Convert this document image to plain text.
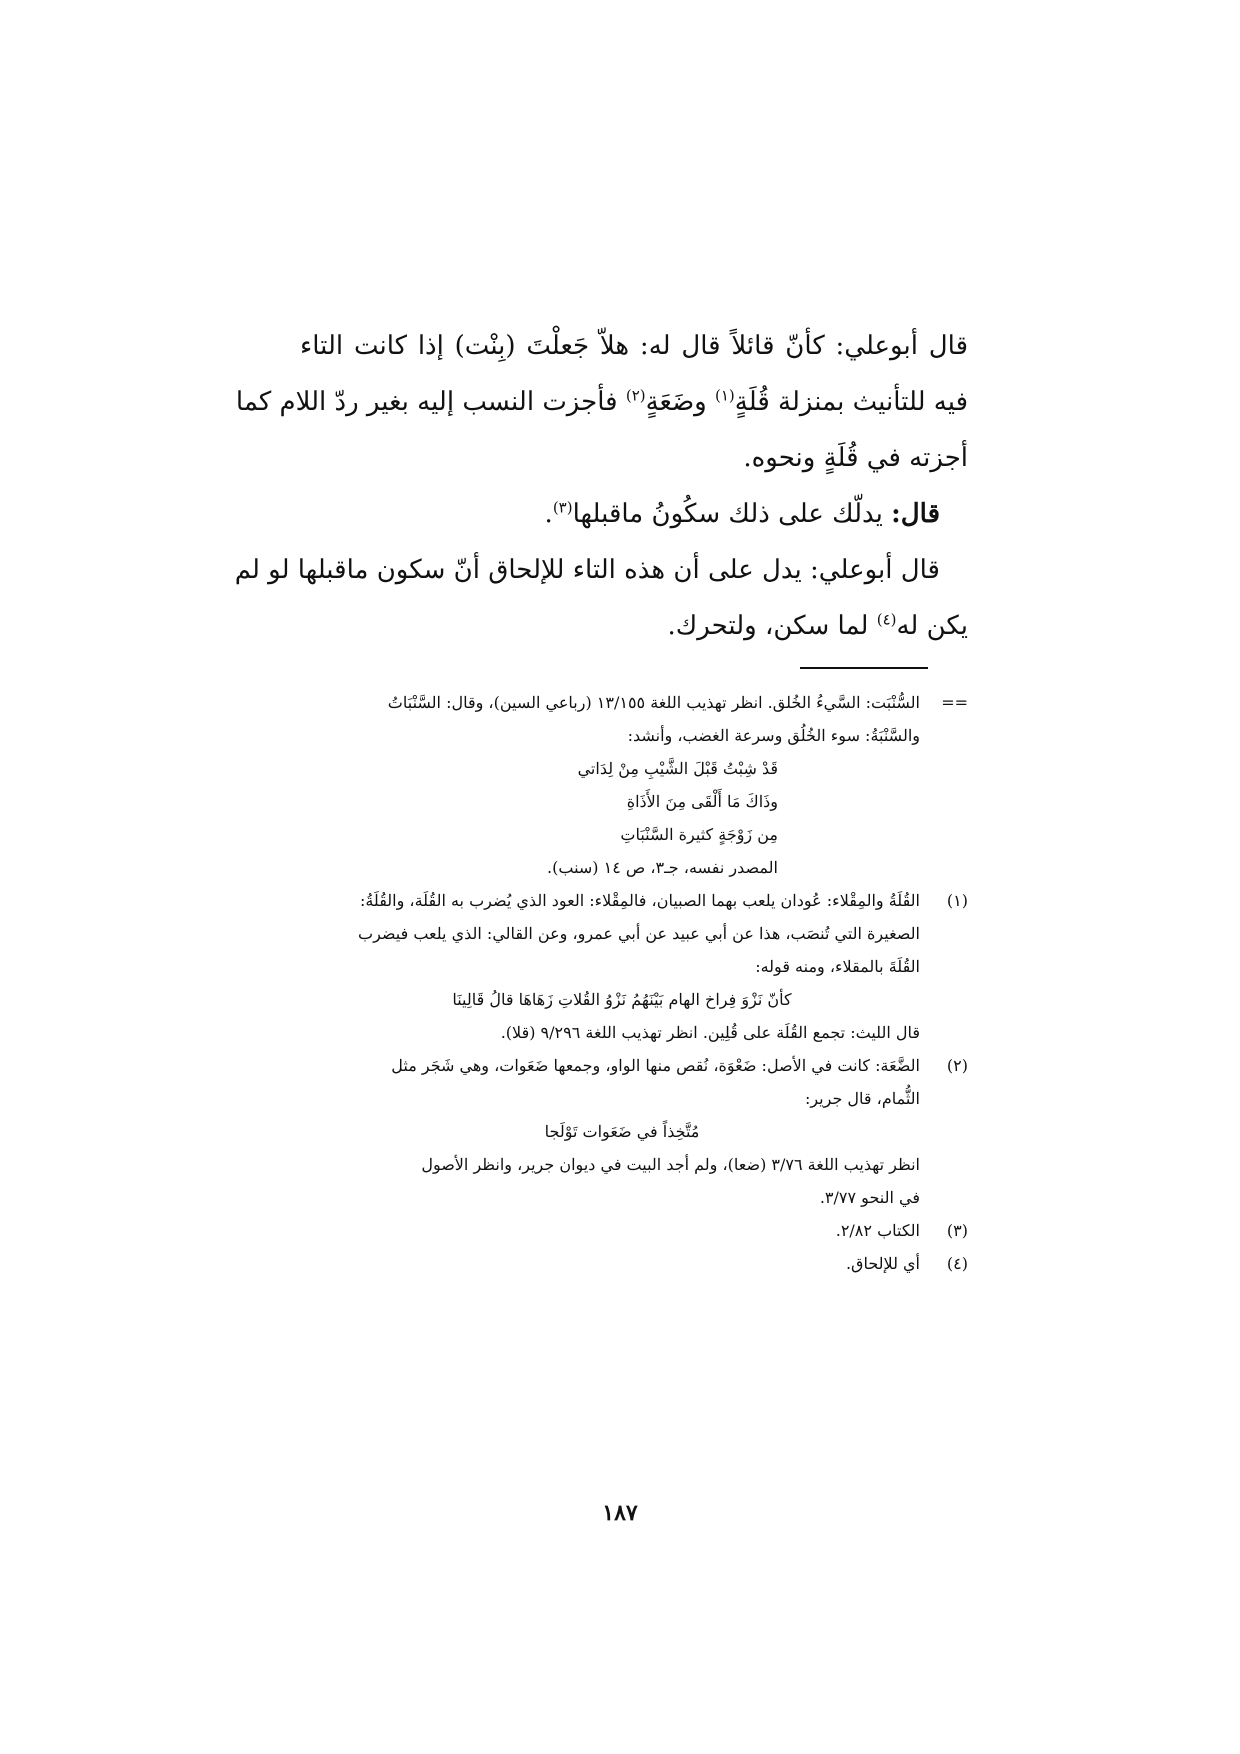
قال أبوعلي: كأنّ قائلاً قال له: هلاّ جَعلْتَ (بِنْت) إذا كانت التاء
فيه للتأنيث بمنزلة قُلَةٍ$^{(١)}$ وضَعَةٍ$^{(٢)}$ فأجزت النسب إليه بغير ردّ اللام كما
أجزته في قُلَةٍ ونحوه.
قال: يدلّك على ذلك سكُونُ ماقبلها$^{(٣)}$.
قال أبوعلي: يدل على أن هذه التاء للإلحاق أنّ سكون ماقبلها لو لم
يكن له$^{(٤)}$ لما سكن، ولتحرك.
==
السُّنْبَت: السَّيءُ الخُلق. انظر تهذيب اللغة ١٣/١٥٥ (رباعي السين)، وقال: السَّنْبَاتُ
والسَّنْبَةُ: سوء الخُلُق وسرعة الغضب، وأنشد:
قَدْ شِبْتُ قَبْلَ الشَّيْبِ مِنْ لِدَاتي
وذَاكَ مَا أَلْقَى مِنَ الأَذَاةِ
مِن زَوْجَةٍ كثيرة السَّنْبَاتِ
المصدر نفسه، جـ٣، ص ١٤ (سنب).
(١)
القُلَةُ والمِقْلاء: عُودان يلعب بهما الصبيان، فالمِقْلاء: العود الذي يُضرب به القُلَة، والقُلَةُ:
الصغيرة التي تُنصَب، هذا عن أبي عبيد عن أبي عمرو، وعن القالي: الذي يلعب فيضرب
القُلَةَ بالمقلاء، ومنه قوله:
كأنّ نَزْوَ فِراخ الهام بَيْنَهُمُ نَزْوُ القُلاتِ زَهَاهَا قالُ قَالِينَا
قال الليث: تجمع القُلَة على قُلِين. انظر تهذيب اللغة ٩/٢٩٦ (قلا).
(٢)
الضَّعَة: كانت في الأصل: ضَعْوَة، نُقص منها الواو، وجمعها ضَعَوات، وهي شَجَر مثل
الثُّمام، قال جرير:
مُتَّخِذاً في ضَعَوات تَوْلَجا
انظر تهذيب اللغة ٣/٧٦ (ضعا)، ولم أجد البيت في ديوان جرير، وانظر الأصول
في النحو ٣/٧٧.
(٣)
الكتاب ٢/٨٢.
(٤)
أي للإلحاق.
١٨٧
